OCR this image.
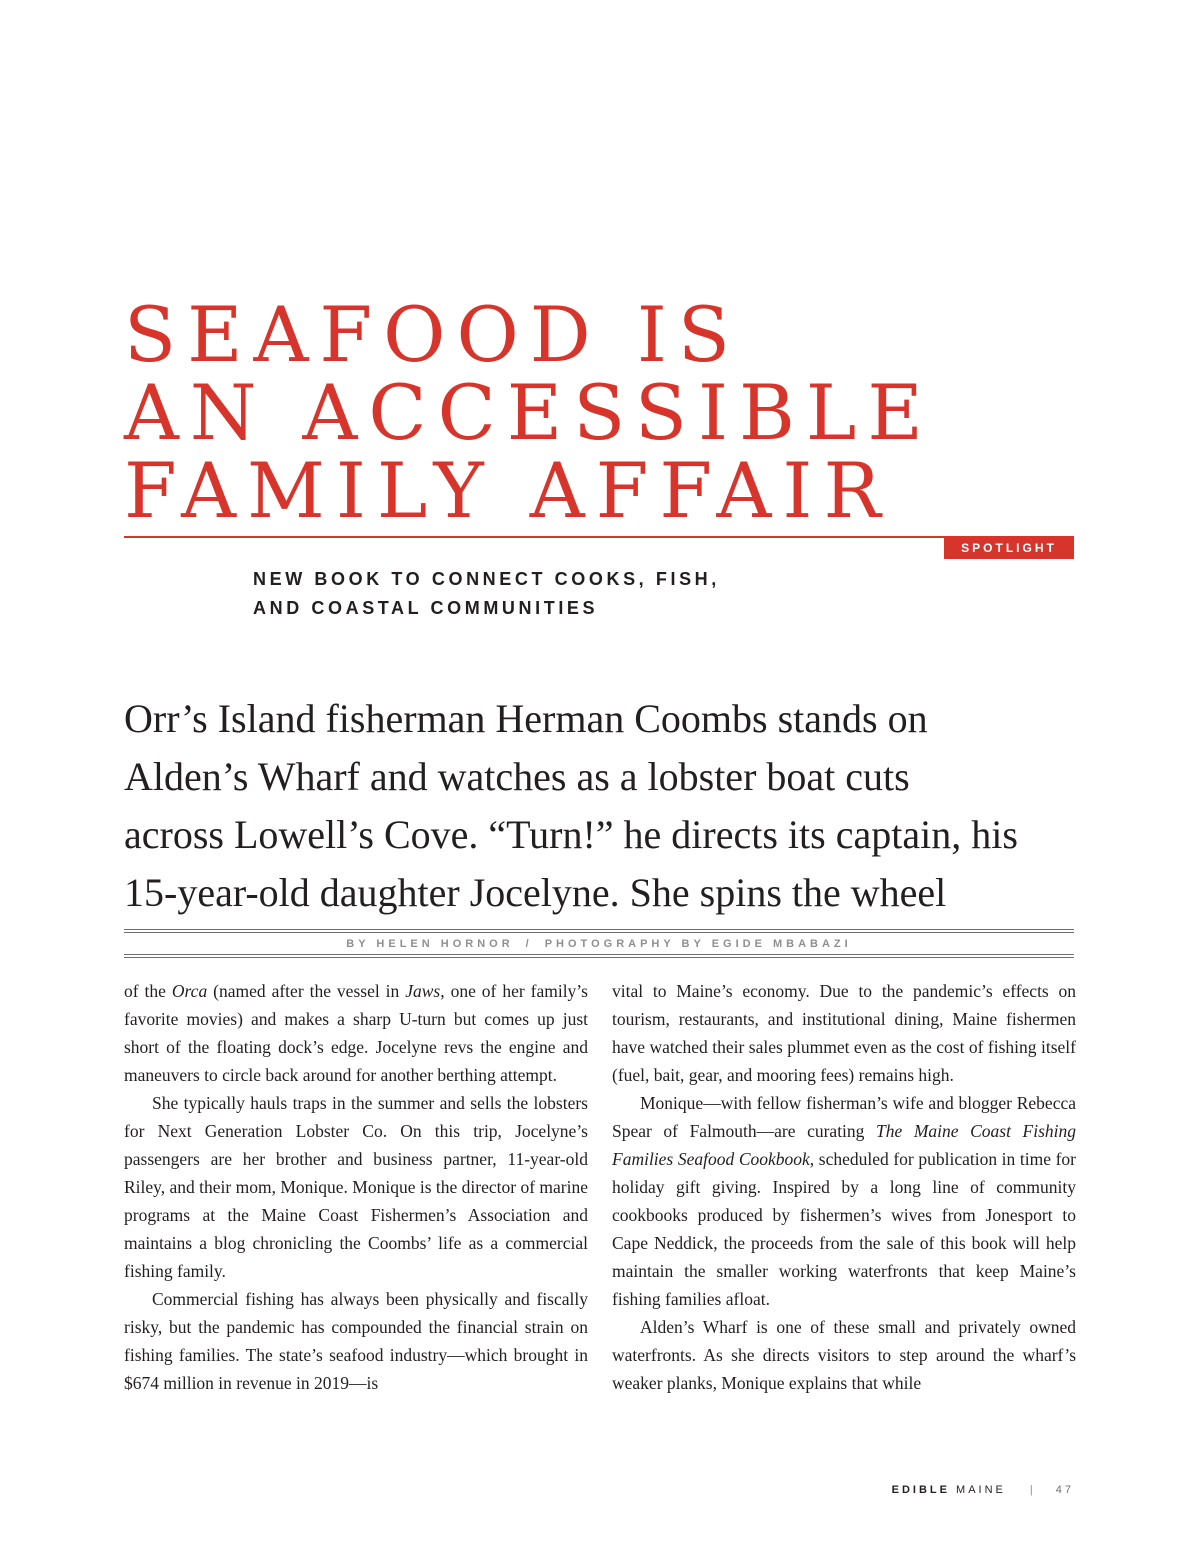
SEAFOOD IS
AN ACCESSIBLE
FAMILY AFFAIR
SPOTLIGHT
NEW BOOK TO CONNECT COOKS, FISH,
AND COASTAL COMMUNITIES

Orr’s Island fisherman Herman Coombs stands on
Alden’s Wharf and watches as a lobster boat cuts
across Lowell’s Cove. “Turn!” he directs its captain, his
15-year-old daughter Jocelyne. She spins the wheel

BY HELEN HORNOR / PHOTOGRAPHY BY EGIDE MBABAZI

of the Orca (named after the vessel in Jaws, one of her family’s favorite movies) and makes a sharp U-turn but comes up just short of the floating dock’s edge. Jocelyne revs the engine and maneuvers to circle back around for another berthing attempt.

She typically hauls traps in the summer and sells the lobsters for Next Generation Lobster Co. On this trip, Jocelyne’s passengers are her brother and business partner, 11-year-old Riley, and their mom, Monique. Monique is the director of marine programs at the Maine Coast Fishermen’s Association and maintains a blog chronicling the Coombs’ life as a commercial fishing family.

Commercial fishing has always been physically and fiscally risky, but the pandemic has compounded the financial strain on fishing families. The state’s seafood industry—which brought in $674 million in revenue in 2019—is

vital to Maine’s economy. Due to the pandemic’s effects on tourism, restaurants, and institutional dining, Maine fishermen have watched their sales plummet even as the cost of fishing itself (fuel, bait, gear, and mooring fees) remains high.

Monique—with fellow fisherman’s wife and blogger Rebecca Spear of Falmouth—are curating The Maine Coast Fishing Families Seafood Cookbook, scheduled for publication in time for holiday gift giving. Inspired by a long line of community cookbooks produced by fishermen’s wives from Jonesport to Cape Neddick, the proceeds from the sale of this book will help maintain the smaller working waterfronts that keep Maine’s fishing families afloat.

Alden’s Wharf is one of these small and privately owned waterfronts. As she directs visitors to step around the wharf’s weaker planks, Monique explains that while

EDIBLE MAINE | 47
